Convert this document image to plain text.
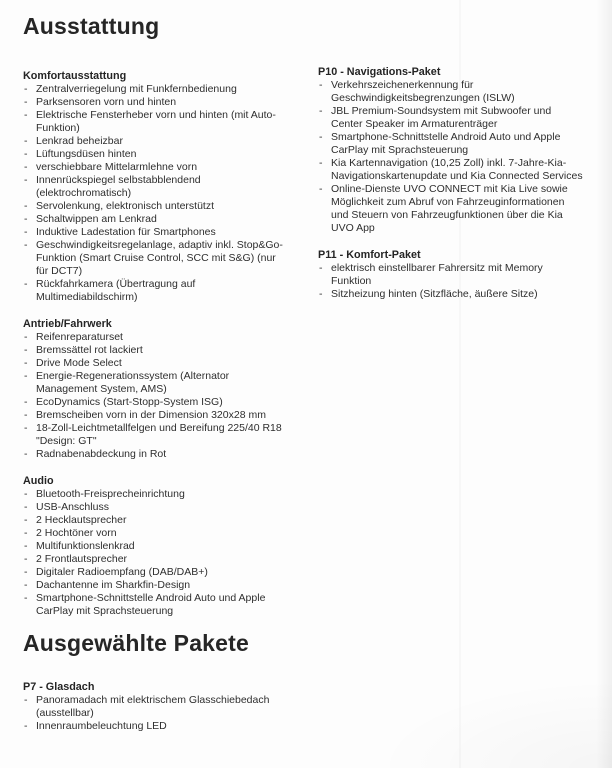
Ausstattung
Komfortausstattung
- Zentralverriegelung mit Funkfernbedienung
- Parksensoren vorn und hinten
- Elektrische Fensterheber vorn und hinten (mit Auto-Funktion)
- Lenkrad beheizbar
- Lüftungsdüsen hinten
- verschiebbare Mittelarmlehne vorn
- Innenrückspiegel selbstabblendend (elektrochromatisch)
- Servolenkung, elektronisch unterstützt
- Schaltwippen am Lenkrad
- Induktive Ladestation für Smartphones
- Geschwindigkeitsregelanlage, adaptiv inkl. Stop&Go-Funktion (Smart Cruise Control, SCC mit S&G) (nur für DCT7)
- Rückfahrkamera (Übertragung auf Multimediabildschirm)
Antrieb/Fahrwerk
- Reifenreparaturset
- Bremssättel rot lackiert
- Drive Mode Select
- Energie-Regenerationssystem (Alternator Management System, AMS)
- EcoDynamics (Start-Stopp-System ISG)
- Bremscheiben vorn in der Dimension 320x28 mm
- 18-Zoll-Leichtmetallfelgen und Bereifung 225/40 R18 "Design: GT"
- Radnabenabdeckung in Rot
Audio
- Bluetooth-Freisprecheinrichtung
- USB-Anschluss
- 2 Hecklautsprecher
- 2 Hochtöner vorn
- Multifunktionslenkrad
- 2 Frontlautsprecher
- Digitaler Radioempfang (DAB/DAB+)
- Dachantenne im Sharkfin-Design
- Smartphone-Schnittstelle Android Auto und Apple CarPlay mit Sprachsteuerung
P10 - Navigations-Paket
- Verkehrszeichenerkennung für Geschwindigkeitsbegrenzungen (ISLW)
- JBL Premium-Soundsystem mit Subwoofer und Center Speaker im Armaturenträger
- Smartphone-Schnittstelle Android Auto und Apple CarPlay mit Sprachsteuerung
- Kia Kartennavigation (10,25 Zoll) inkl. 7-Jahre-Kia-Navigationskartenupdate und Kia Connected Services
- Online-Dienste UVO CONNECT mit Kia Live sowie Möglichkeit zum Abruf von Fahrzeuginformationen und Steuern von Fahrzeugfunktionen über die Kia UVO App
P11 - Komfort-Paket
- elektrisch einstellbarer Fahrersitz mit Memory Funktion
- Sitzheizung hinten (Sitzfläche, äußere Sitze)
Ausgewählte Pakete
P7 - Glasdach
- Panoramadach mit elektrischem Glasschiebedach (ausstellbar)
- Innenraumbeleuchtung LED
